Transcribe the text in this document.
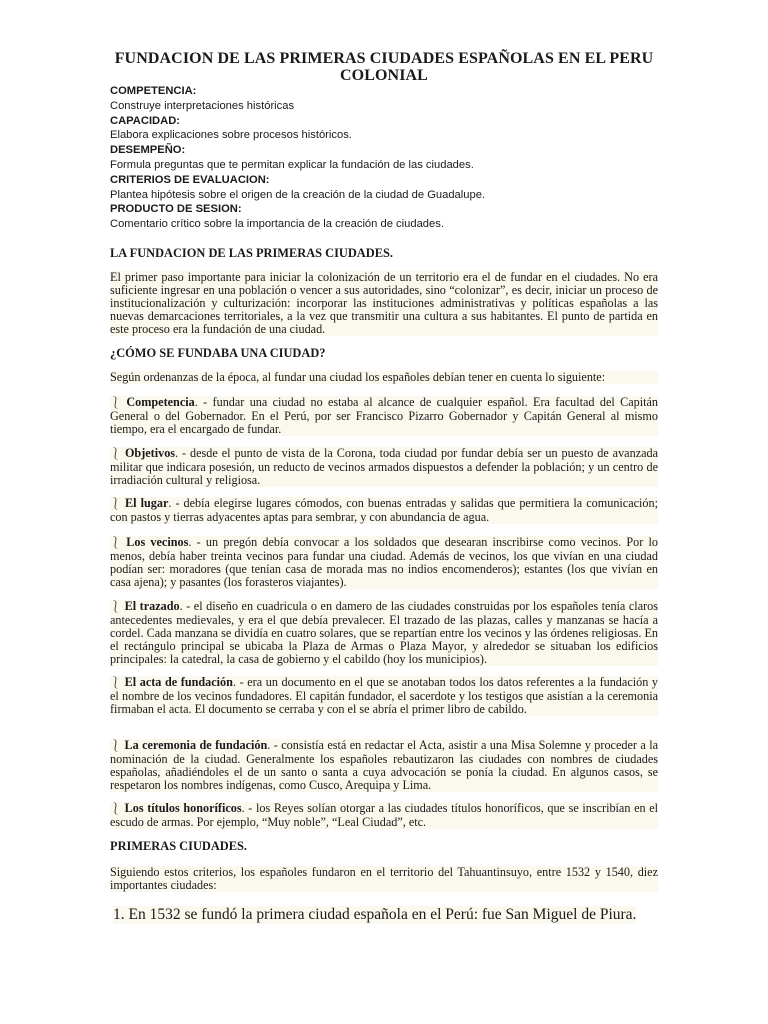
FUNDACION DE LAS PRIMERAS CIUDADES ESPAÑOLAS EN EL PERU COLONIAL
COMPETENCIA:
Construye interpretaciones históricas
CAPACIDAD:
Elabora explicaciones sobre procesos históricos.
DESEMPEÑO:
Formula preguntas que te permitan explicar la fundación de las ciudades.
CRITERIOS DE EVALUACION:
Plantea hipótesis sobre el origen de la creación de la ciudad de Guadalupe.
PRODUCTO DE SESION:
Comentario crítico sobre la importancia de la creación de ciudades.
LA FUNDACION DE LAS PRIMERAS CIUDADES.

El primer paso importante para iniciar la colonización de un territorio era el de fundar en el ciudades. No era suficiente ingresar en una población o vencer a sus autoridades, sino “colonizar”, es decir, iniciar un proceso de institucionalización y culturización: incorporar las instituciones administrativas y políticas españolas a las nuevas demarcaciones territoriales, a la vez que transmitir una cultura a sus habitantes. El punto de partida en este proceso era la fundación de una ciudad.

¿CÓMO SE FUNDABA UNA CIUDAD?

Según ordenanzas de la época, al fundar una ciudad los españoles debían tener en cuenta lo siguiente:

⎱ Competencia. - fundar una ciudad no estaba al alcance de cualquier español. Era facultad del Capitán General o del Gobernador. En el Perú, por ser Francisco Pizarro Gobernador y Capitán General al mismo tiempo, era el encargado de fundar.

⎱ Objetivos. - desde el punto de vista de la Corona, toda ciudad por fundar debía ser un puesto de avanzada militar que indicara posesión, un reducto de vecinos armados dispuestos a defender la población; y un centro de irradiación cultural y religiosa.

⎱ El lugar. - debía elegirse lugares cómodos, con buenas entradas y salidas que permitiera la comunicación; con pastos y tierras adyacentes aptas para sembrar, y con abundancia de agua.

⎱ Los vecinos. - un pregón debía convocar a los soldados que desearan inscribirse como vecinos. Por lo menos, debía haber treinta vecinos para fundar una ciudad. Además de vecinos, los que vivían en una ciudad podían ser: moradores (que tenían casa de morada mas no indios encomenderos); estantes (los que vivían en casa ajena); y pasantes (los forasteros viajantes).

⎱ El trazado. - el diseño en cuadricula o en damero de las ciudades construidas por los españoles tenía claros antecedentes medievales, y era el que debía prevalecer. El trazado de las plazas, calles y manzanas se hacía a cordel. Cada manzana se dividía en cuatro solares, que se repartían entre los vecinos y las órdenes religiosas. En el rectángulo principal se ubicaba la Plaza de Armas o Plaza Mayor, y alrededor se situaban los edificios principales: la catedral, la casa de gobierno y el cabildo (hoy los municipios).

⎱ El acta de fundación. - era un documento en el que se anotaban todos los datos referentes a la fundación y el nombre de los vecinos fundadores. El capitán fundador, el sacerdote y los testigos que asistían a la ceremonia firmaban el acta. El documento se cerraba y con el se abría el primer libro de cabildo.

⎱ La ceremonia de fundación. - consistía está en redactar el Acta, asistir a una Misa Solemne y proceder a la nominación de la ciudad. Generalmente los españoles rebautizaron las ciudades con nombres de ciudades españolas, añadiéndoles el de un santo o santa a cuya advocación se ponía la ciudad. En algunos casos, se respetaron los nombres indígenas, como Cusco, Arequipa y Lima.

⎱ Los títulos honoríficos. - los Reyes solían otorgar a las ciudades títulos honoríficos, que se inscribían en el escudo de armas. Por ejemplo, “Muy noble”, “Leal Ciudad”, etc.

PRIMERAS CIUDADES.

Siguiendo estos criterios, los españoles fundaron en el territorio del Tahuantinsuyo, entre 1532 y 1540, diez importantes ciudades:

1. En 1532 se fundó la primera ciudad española en el Perú: fue San Miguel de Piura.
